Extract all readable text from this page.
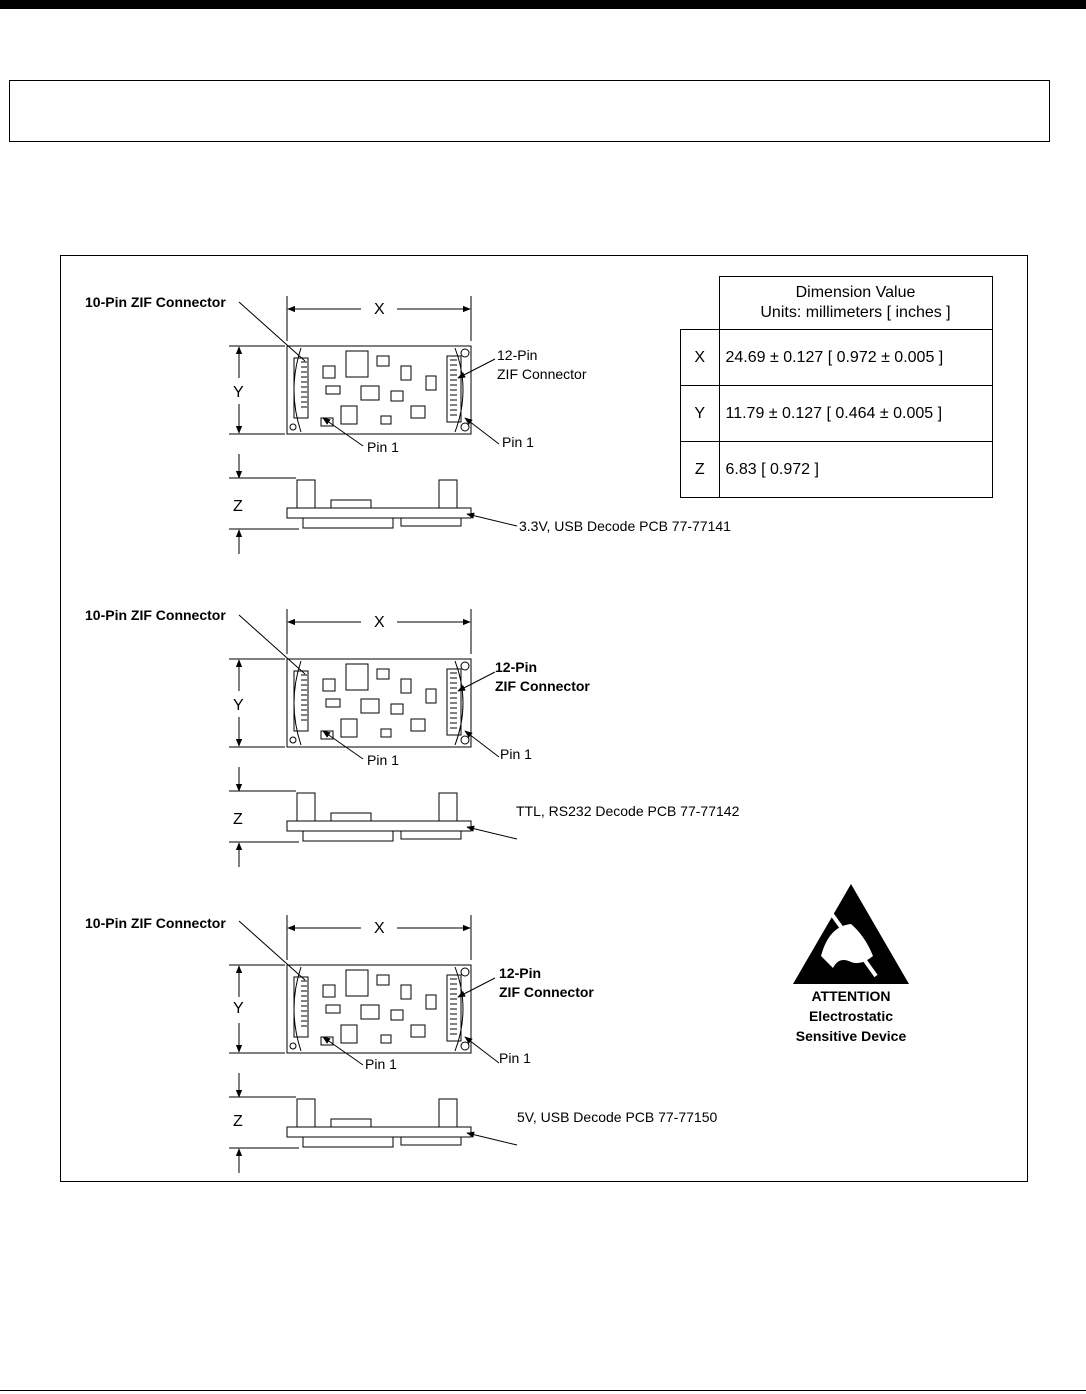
	Dimension Value
Units: millimeters [ inches ]

X	24.69 ± 0.127 [ 0.972 ± 0.005 ]
Y	11.79 ± 0.127 [ 0.464 ± 0.005 ]
Z	6.83 [ 0.972 ]
10-Pin ZIF Connector	X
Y
Z
12-Pin
ZIF Connector
Pin 1	Pin 1
3.3V, USB Decode PCB 77-77141
10-Pin ZIF Connector	X
Y
Z
12-Pin
ZIF Connector
Pin 1	Pin 1
TTL, RS232 Decode PCB 77-77142
10-Pin ZIF Connector	X
Y
Z
12-Pin
ZIF Connector
Pin 1	Pin 1
5V, USB Decode PCB 77-77150
ATTENTION
Electrostatic
Sensitive Device
